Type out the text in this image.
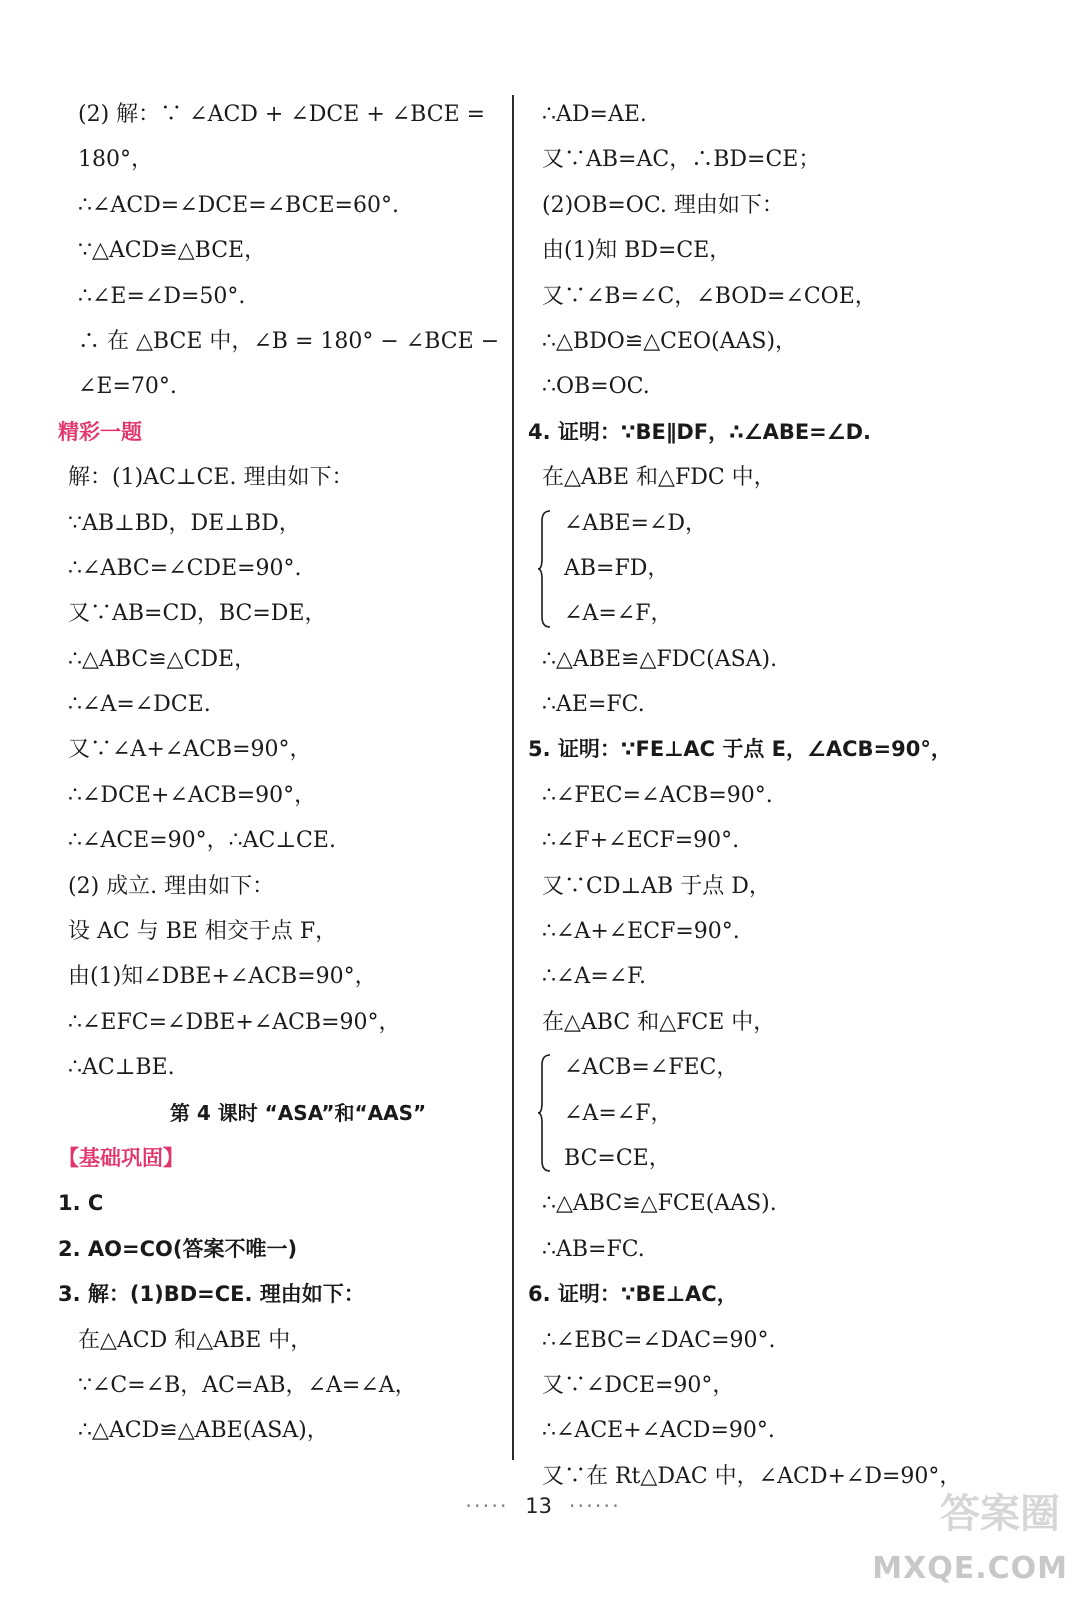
(2) 解：∵ ∠ACD + ∠DCE + ∠BCE =
180°，
∴∠ACD=∠DCE=∠BCE=60°.
∵△ACD≌△BCE，
∴∠E=∠D=50°.
∴ 在 △BCE 中，∠B = 180° − ∠BCE −
∠E=70°.
精彩一题
解：(1)AC⊥CE. 理由如下：
∵AB⊥BD，DE⊥BD，
∴∠ABC=∠CDE=90°.
又∵AB=CD，BC=DE，
∴△ABC≌△CDE，
∴∠A=∠DCE.
又∵∠A+∠ACB=90°，
∴∠DCE+∠ACB=90°，
∴∠ACE=90°，∴AC⊥CE.
(2) 成立. 理由如下：
设 AC 与 BE 相交于点 F，
由(1)知∠DBE+∠ACB=90°，
∴∠EFC=∠DBE+∠ACB=90°，
∴AC⊥BE.
第 4 课时 “ASA”和“AAS”
【基础巩固】
1. C
2. AO=CO(答案不唯一)
3. 解：(1)BD=CE. 理由如下：
在△ACD 和△ABE 中，
∵∠C=∠B，AC=AB，∠A=∠A，
∴△ACD≌△ABE(ASA)，
∴AD=AE.
又∵AB=AC，∴BD=CE；
(2)OB=OC. 理由如下：
由(1)知 BD=CE，
又∵∠B=∠C，∠BOD=∠COE，
∴△BDO≌△CEO(AAS)，
∴OB=OC.
4. 证明：∵BE∥DF，∴∠ABE=∠D.
在△ABE 和△FDC 中，
∠ABE=∠D，
AB=FD，
∠A=∠F，
∴△ABE≌△FDC(ASA).
∴AE=FC.
5. 证明：∵FE⊥AC 于点 E，∠ACB=90°，
∴∠FEC=∠ACB=90°.
∴∠F+∠ECF=90°.
又∵CD⊥AB 于点 D，
∴∠A+∠ECF=90°.
∴∠A=∠F.
在△ABC 和△FCE 中，
∠ACB=∠FEC，
∠A=∠F，
BC=CE，
∴△ABC≌△FCE(AAS).
∴AB=FC.
6. 证明：∵BE⊥AC，
∴∠EBC=∠DAC=90°.
又∵∠DCE=90°，
∴∠ACE+∠ACD=90°.
又∵在 Rt△DAC 中，∠ACD+∠D=90°，
····· 13 ······	答案圈
MXQE.COM
